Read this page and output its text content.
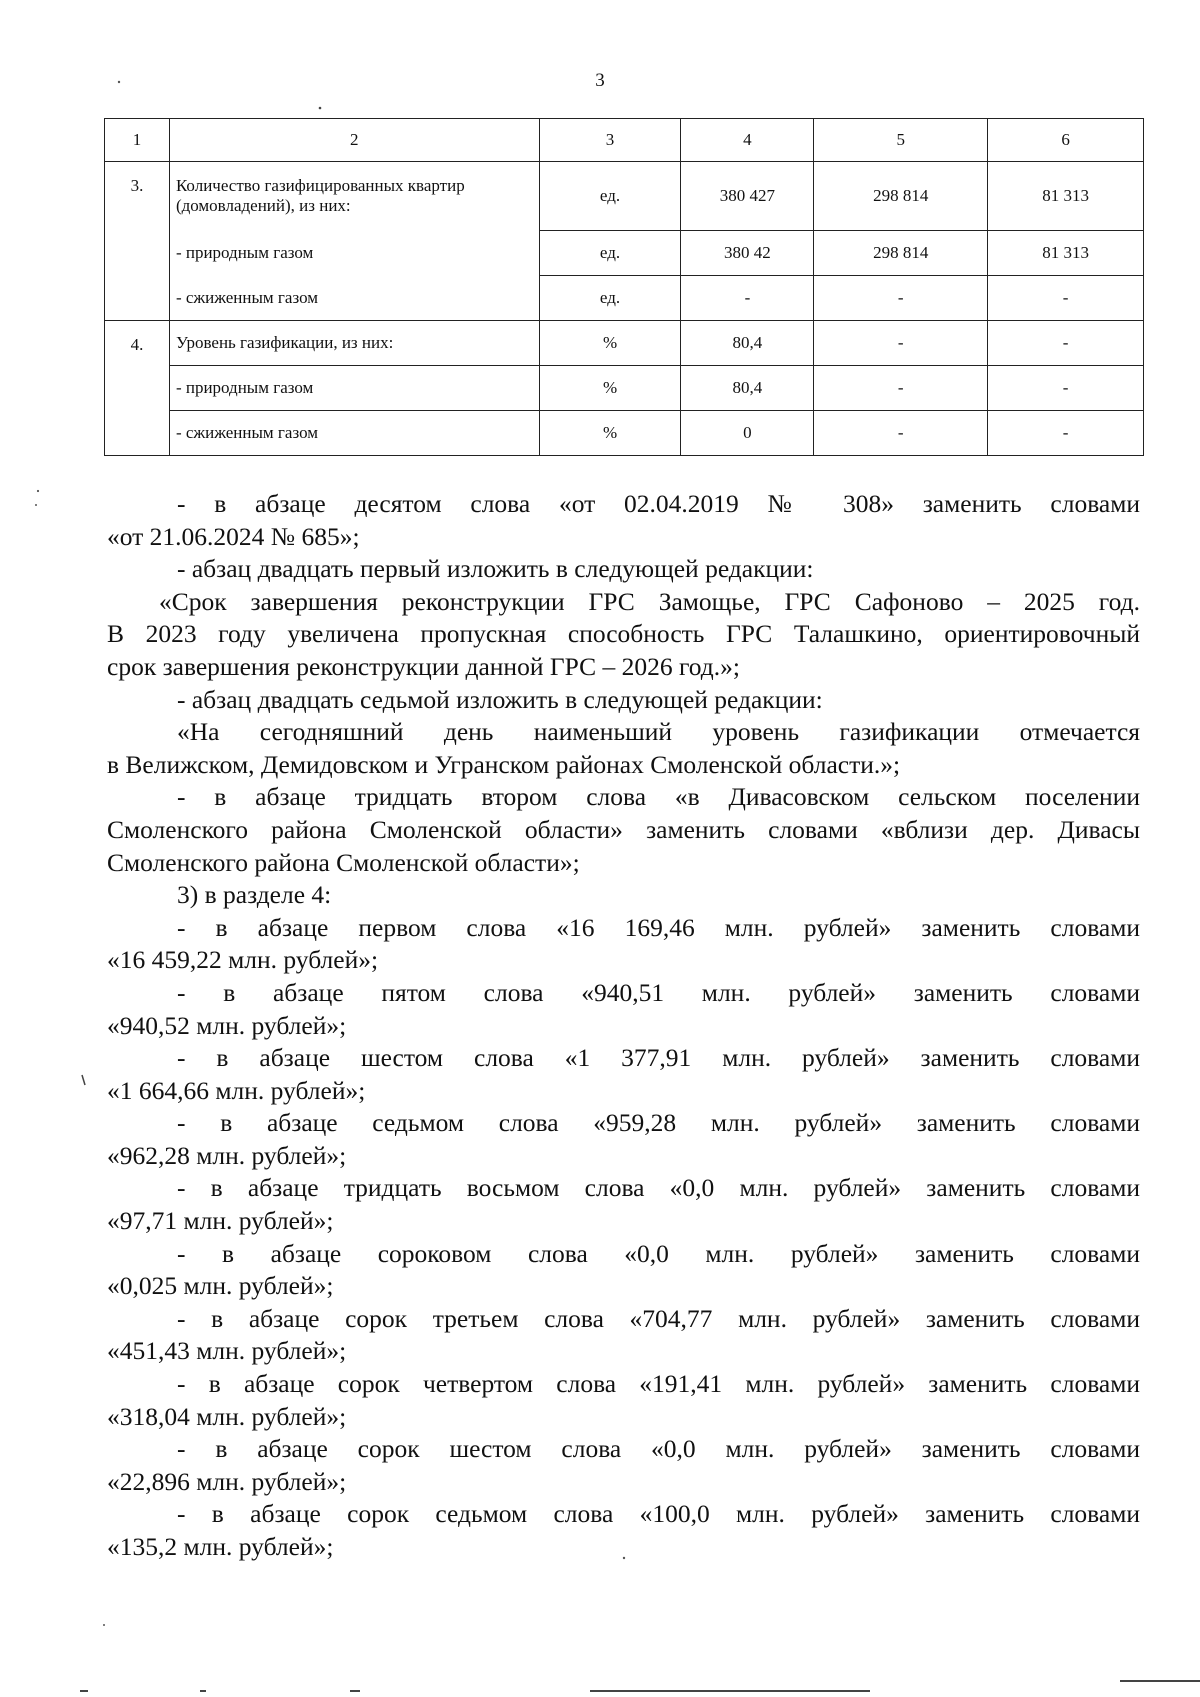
3
1	2	3	4	5	6
3.	Количество газифицированных квартир (домовладений), из них:	ед.	380 427	298 814	81 313
	- природным газом	ед.	380 42	298 814	81 313
	- сжиженным газом	ед.	-	-	-
4.	Уровень газификации, из них:	%	80,4	-	-
	- природным газом	%	80,4	-	-
	- сжиженным газом	%	0	-	-

- в абзаце десятом слова «от 02.04.2019 № 308» заменить словами
«от 21.06.2024 № 685»;

- абзац двадцать первый изложить в следующей редакции:

«Срок завершения реконструкции ГРС Замощье, ГРС Сафоново – 2025 год.
В 2023 году увеличена пропускная способность ГРС Талашкино, ориентировочный
срок завершения реконструкции данной ГРС – 2026 год.»;

- абзац двадцать седьмой изложить в следующей редакции:

«На сегодняшний день наименьший уровень газификации отмечается
в Велижском, Демидовском и Угранском районах Смоленской области.»;

- в абзаце тридцать втором слова «в Дивасовском сельском поселении
Смоленского района Смоленской области» заменить словами «вблизи дер. Дивасы
Смоленского района Смоленской области»;

3) в разделе 4:

- в абзаце первом слова «16 169,46 млн. рублей» заменить словами
«16 459,22 млн. рублей»;

- в абзаце пятом слова «940,51 млн. рублей» заменить словами
«940,52 млн. рублей»;

- в абзаце шестом слова «1 377,91 млн. рублей» заменить словами
«1 664,66 млн. рублей»;

- в абзаце седьмом слова «959,28 млн. рублей» заменить словами
«962,28 млн. рублей»;

- в абзаце тридцать восьмом слова «0,0 млн. рублей» заменить словами
«97,71 млн. рублей»;

- в абзаце сороковом слова «0,0 млн. рублей» заменить словами
«0,025 млн. рублей»;

- в абзаце сорок третьем слова «704,77 млн. рублей» заменить словами
«451,43 млн. рублей»;

- в абзаце сорок четвертом слова «191,41 млн. рублей» заменить словами
«318,04 млн. рублей»;

- в абзаце сорок шестом слова «0,0 млн. рублей» заменить словами
«22,896 млн. рублей»;

- в абзаце сорок седьмом слова «100,0 млн. рублей» заменить словами
«135,2 млн. рублей»;
